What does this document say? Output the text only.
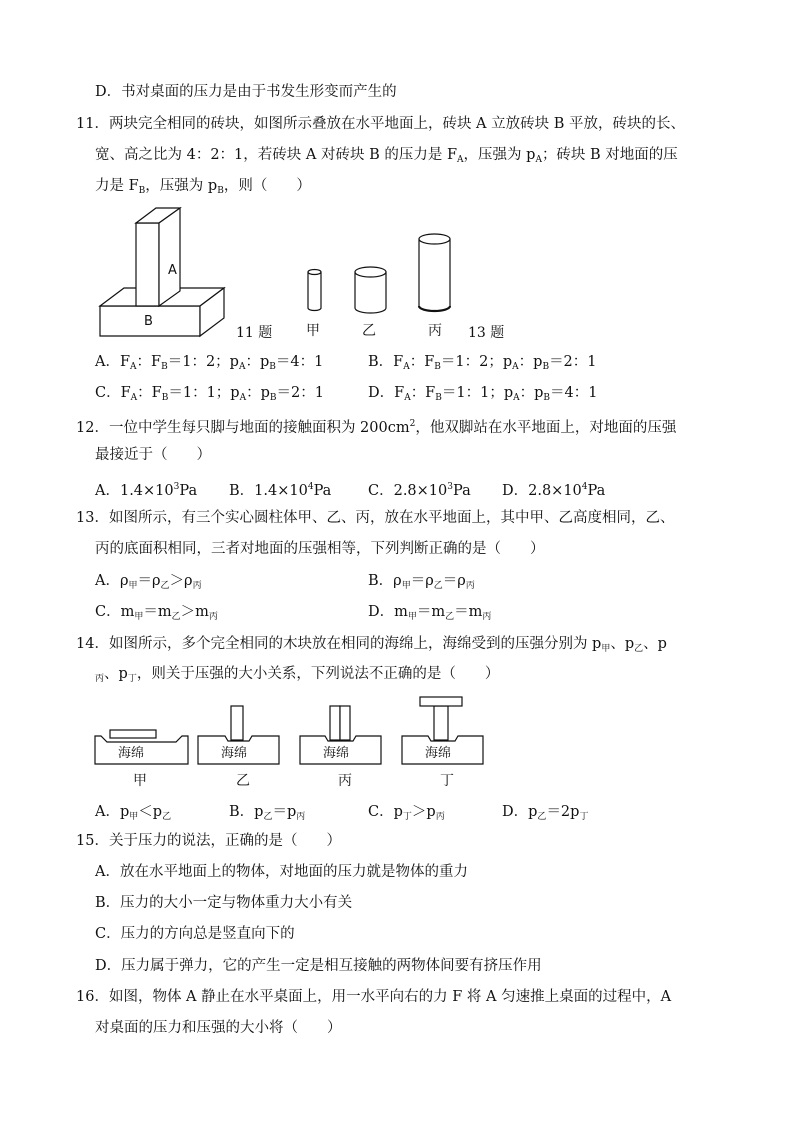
D．书对桌面的压力是由于书发生形变而产生的
11．两块完全相同的砖块，如图所示叠放在水平地面上，砖块 A 立放砖块 B 平放，砖块的长、
宽、高之比为 4：2：1，若砖块 A 对砖块 B 的压力是 $F_A$，压强为 $p_A$；砖块 B 对地面的压
力是 $F_B$，压强为 $p_B$，则（　　）
A
B
11 题 甲	乙	丙 13 题
A．$F_A$：$F_B=1$：2；$p_A$：$p_B=4$：1	B．$F_A$：$F_B=1$：2；$p_A$：$p_B=2$：1
C．$F_A$：$F_B=1$：1；$p_A$：$p_B=2$：1	D．$F_A$：$F_B=1$：1；$p_A$：$p_B=4$：1
12．一位中学生每只脚与地面的接触面积为 $200cm^2$，他双脚站在水平地面上，对地面的压强
最接近于（　　）
A．$1.4\times 10^3Pa$ B．$1.4\times 10^4Pa$	C．$2.8\times 10^3Pa$ D．$2.8\times 10^4Pa$
13．如图所示，有三个实心圆柱体甲、乙、丙，放在水平地面上，其中甲、乙高度相同，乙、
丙的底面积相同，三者对地面的压强相等，下列判断正确的是（　　）
A．$\rho_甲=\rho_乙>\rho_丙$	B．$\rho_甲=\rho_乙=\rho_丙$
C．$m_甲=m_乙>m_丙$	D．$m_甲=m_乙=m_丙$
14．如图所示，多个完全相同的木块放在相同的海绵上，海绵受到的压强分别为 $p_甲$、$p_乙$、p
$_丙$、$p_丁$，则关于压强的大小关系，下列说法不正确的是（　　）
海绵	海绵	海绵	海绵
甲	乙	丙	丁
A．$p_甲<p_乙$	B．$p_乙=p_丙$	C．$p_丁>p_丙$	D．$p_乙=2p_丁$
15．关于压力的说法，正确的是（　　）
A．放在水平地面上的物体，对地面的压力就是物体的重力
B．压力的大小一定与物体重力大小有关
C．压力的方向总是竖直向下的
D．压力属于弹力，它的产生一定是相互接触的两物体间要有挤压作用
16．如图，物体 A 静止在水平桌面上，用一水平向右的力 F 将 A 匀速推上桌面的过程中，A
对桌面的压力和压强的大小将（　　）
